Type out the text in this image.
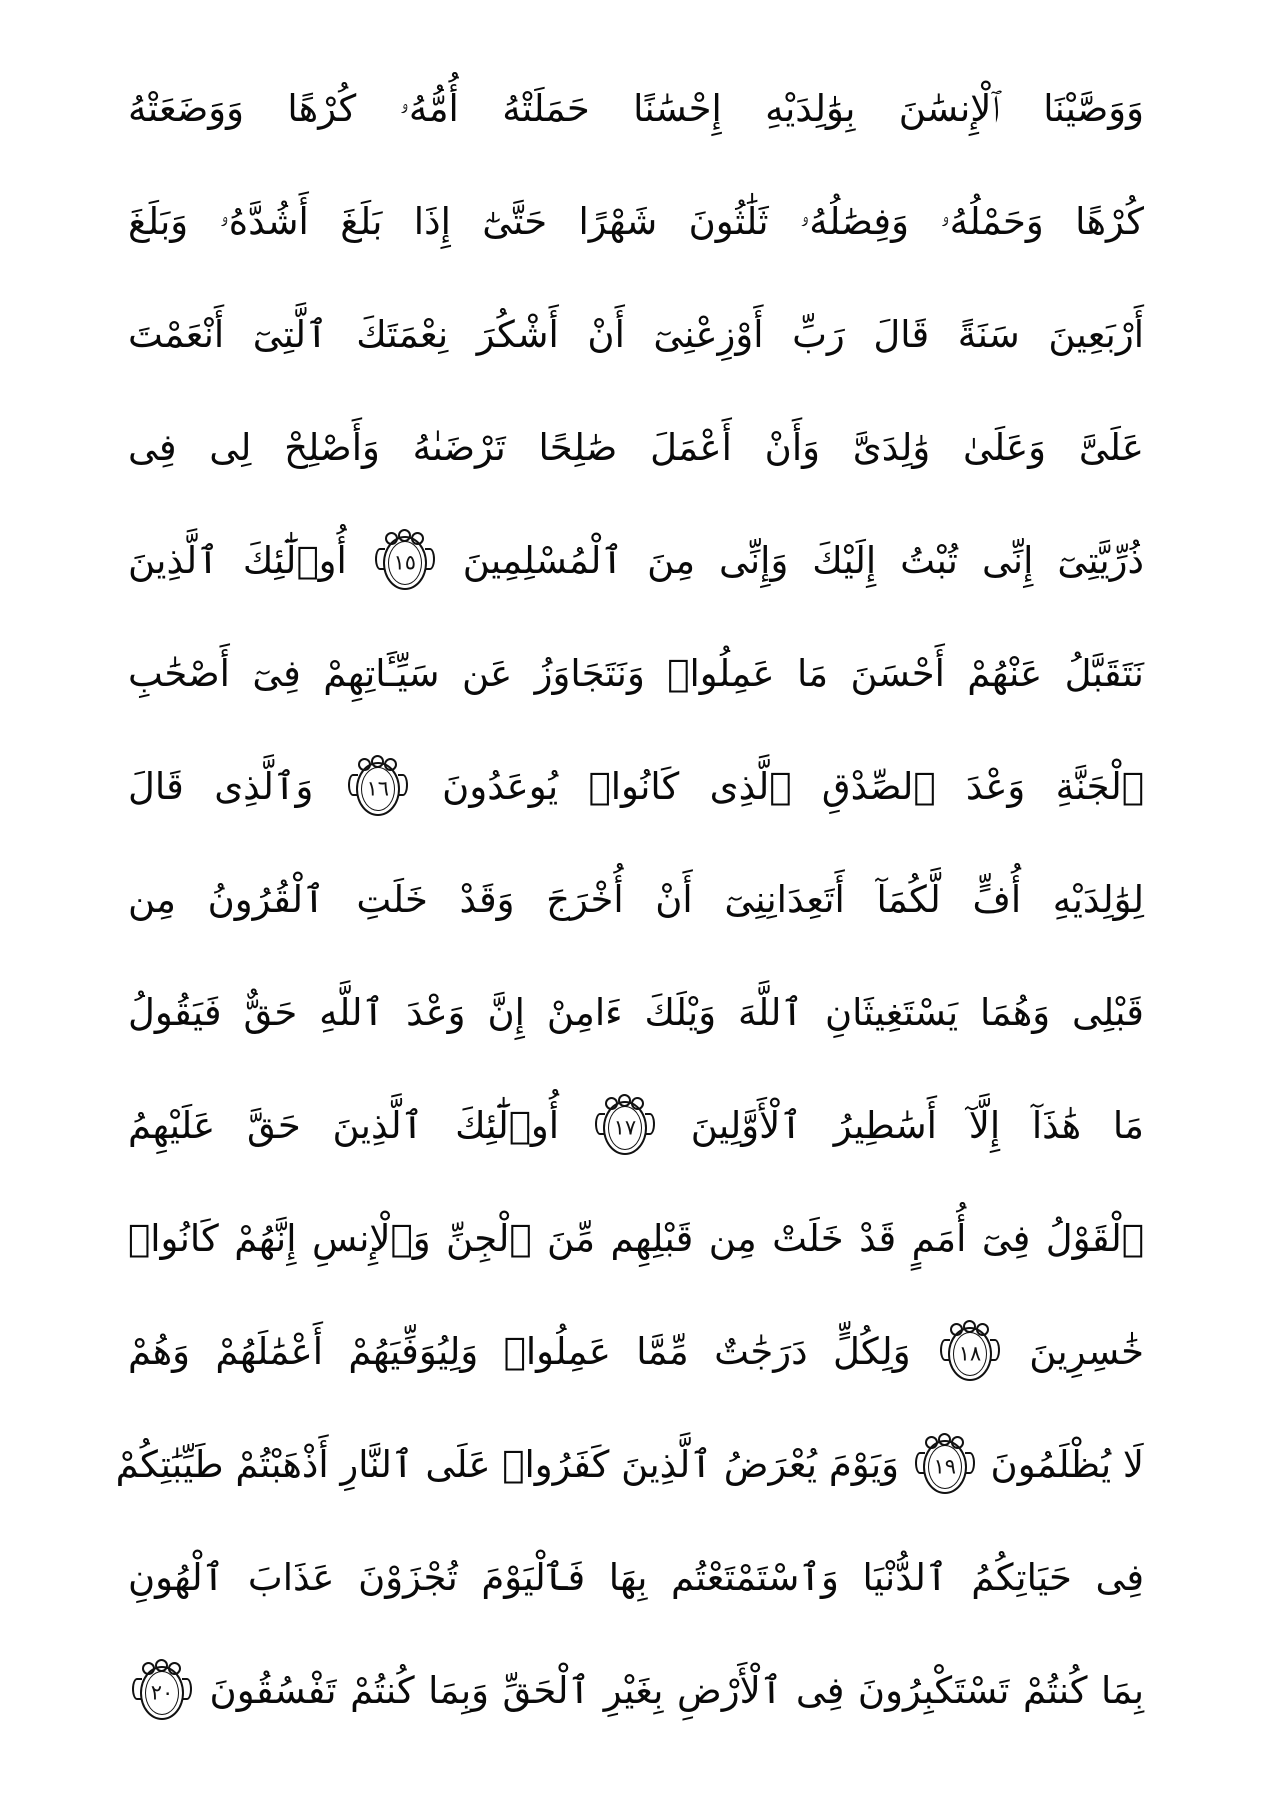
وَوَصَّيْنَا ٱلْإِنسَٰنَ بِوَٰلِدَيْهِ إِحْسَٰنًا حَمَلَتْهُ أُمُّهُۥ كُرْهًا وَوَضَعَتْهُ
كُرْهًا وَحَمْلُهُۥ وَفِصَٰلُهُۥ ثَلَٰثُونَ شَهْرًا حَتَّىٰٓ إِذَا بَلَغَ أَشُدَّهُۥ وَبَلَغَ
أَرْبَعِينَ سَنَةً قَالَ رَبِّ أَوْزِعْنِىٓ أَنْ أَشْكُرَ نِعْمَتَكَ ٱلَّتِىٓ أَنْعَمْتَ
عَلَىَّ وَعَلَىٰ وَٰلِدَىَّ وَأَنْ أَعْمَلَ صَٰلِحًا تَرْضَىٰهُ وَأَصْلِحْ لِى فِى
ذُرِّيَّتِىٓ إِنِّى تُبْتُ إِلَيْكَ وَإِنِّى مِنَ ٱلْمُسْلِمِينَ
١٥
أُو۟لَٰٓئِكَ ٱلَّذِينَ
نَتَقَبَّلُ عَنْهُمْ أَحْسَنَ مَا عَمِلُوا۟ وَنَتَجَاوَزُ عَن سَيِّـَٔاتِهِمْ فِىٓ أَصْحَٰبِ
ٱلْجَنَّةِ وَعْدَ ٱلصِّدْقِ ٱلَّذِى كَانُوا۟ يُوعَدُونَ
١٦
وَٱلَّذِى قَالَ
لِوَٰلِدَيْهِ أُفٍّ لَّكُمَآ أَتَعِدَانِنِىٓ أَنْ أُخْرَجَ وَقَدْ خَلَتِ ٱلْقُرُونُ مِن
قَبْلِى وَهُمَا يَسْتَغِيثَانِ ٱللَّهَ وَيْلَكَ ءَامِنْ إِنَّ وَعْدَ ٱللَّهِ حَقٌّ فَيَقُولُ
مَا هَٰذَآ إِلَّآ أَسَٰطِيرُ ٱلْأَوَّلِينَ
١٧
أُو۟لَٰٓئِكَ ٱلَّذِينَ حَقَّ عَلَيْهِمُ
ٱلْقَوْلُ فِىٓ أُمَمٍ قَدْ خَلَتْ مِن قَبْلِهِم مِّنَ ٱلْجِنِّ وَٱلْإِنسِ إِنَّهُمْ كَانُوا۟
خَٰسِرِينَ
١٨
وَلِكُلٍّ دَرَجَٰتٌ مِّمَّا عَمِلُوا۟ وَلِيُوَفِّيَهُمْ أَعْمَٰلَهُمْ وَهُمْ
لَا يُظْلَمُونَ
١٩
وَيَوْمَ يُعْرَضُ ٱلَّذِينَ كَفَرُوا۟ عَلَى ٱلنَّارِ أَذْهَبْتُمْ طَيِّبَٰتِكُمْ
فِى حَيَاتِكُمُ ٱلدُّنْيَا وَٱسْتَمْتَعْتُم بِهَا فَٱلْيَوْمَ تُجْزَوْنَ عَذَابَ ٱلْهُونِ
بِمَا كُنتُمْ تَسْتَكْبِرُونَ فِى ٱلْأَرْضِ بِغَيْرِ ٱلْحَقِّ وَبِمَا كُنتُمْ تَفْسُقُونَ
٢٠
